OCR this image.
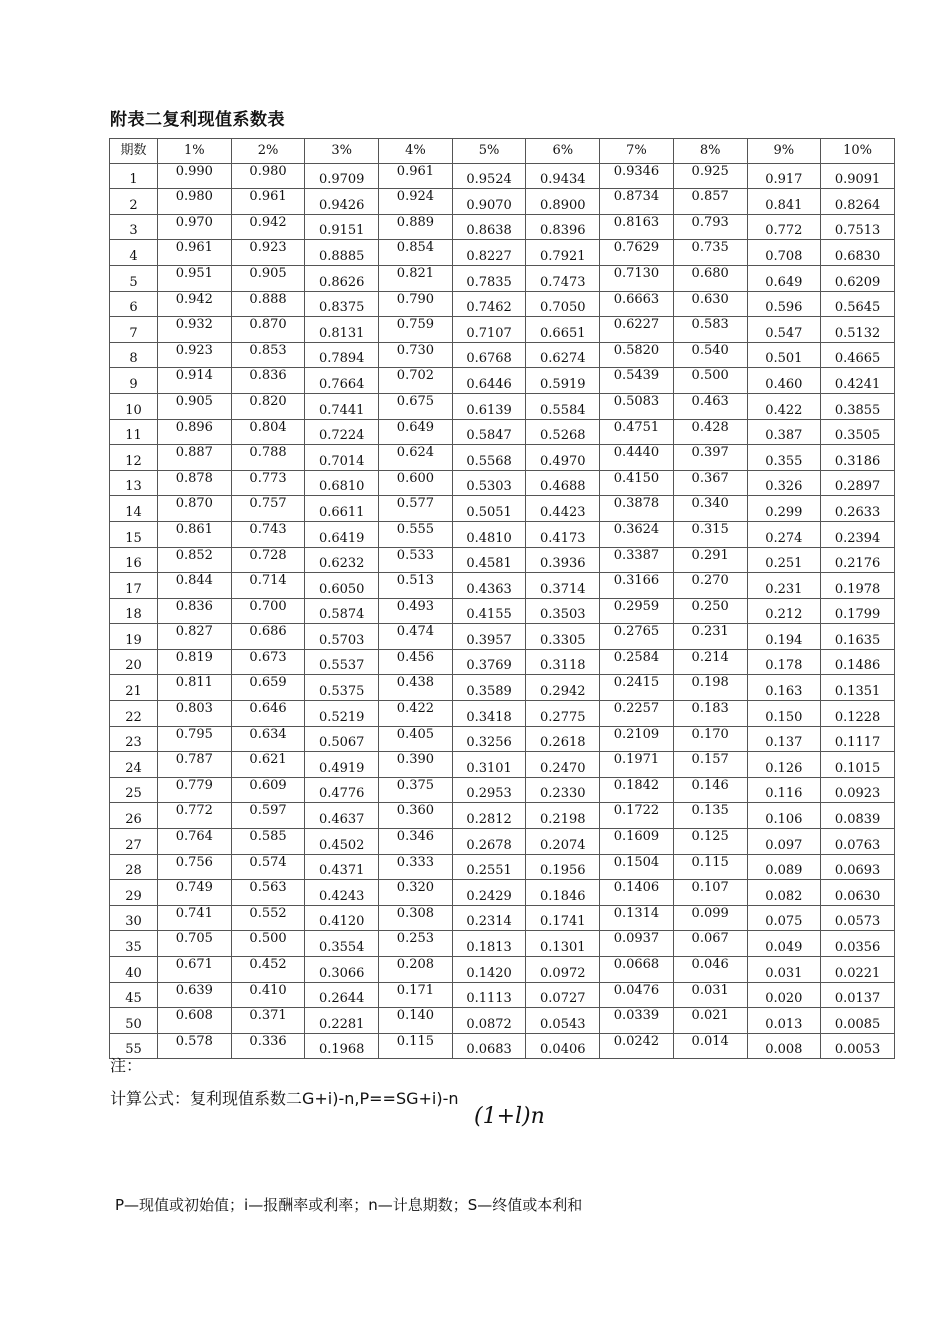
附表二复利现值系数表
期数	1%	2%	3%	4%	5%	6%	7%	8%	9%	10%
1	0.990	0.980	0.9709	0.961	0.9524	0.9434	0.9346	0.925	0.917	0.9091
2	0.980	0.961	0.9426	0.924	0.9070	0.8900	0.8734	0.857	0.841	0.8264
3	0.970	0.942	0.9151	0.889	0.8638	0.8396	0.8163	0.793	0.772	0.7513
4	0.961	0.923	0.8885	0.854	0.8227	0.7921	0.7629	0.735	0.708	0.6830
5	0.951	0.905	0.8626	0.821	0.7835	0.7473	0.7130	0.680	0.649	0.6209
6	0.942	0.888	0.8375	0.790	0.7462	0.7050	0.6663	0.630	0.596	0.5645
7	0.932	0.870	0.8131	0.759	0.7107	0.6651	0.6227	0.583	0.547	0.5132
8	0.923	0.853	0.7894	0.730	0.6768	0.6274	0.5820	0.540	0.501	0.4665
9	0.914	0.836	0.7664	0.702	0.6446	0.5919	0.5439	0.500	0.460	0.4241
10	0.905	0.820	0.7441	0.675	0.6139	0.5584	0.5083	0.463	0.422	0.3855
11	0.896	0.804	0.7224	0.649	0.5847	0.5268	0.4751	0.428	0.387	0.3505
12	0.887	0.788	0.7014	0.624	0.5568	0.4970	0.4440	0.397	0.355	0.3186
13	0.878	0.773	0.6810	0.600	0.5303	0.4688	0.4150	0.367	0.326	0.2897
14	0.870	0.757	0.6611	0.577	0.5051	0.4423	0.3878	0.340	0.299	0.2633
15	0.861	0.743	0.6419	0.555	0.4810	0.4173	0.3624	0.315	0.274	0.2394
16	0.852	0.728	0.6232	0.533	0.4581	0.3936	0.3387	0.291	0.251	0.2176
17	0.844	0.714	0.6050	0.513	0.4363	0.3714	0.3166	0.270	0.231	0.1978
18	0.836	0.700	0.5874	0.493	0.4155	0.3503	0.2959	0.250	0.212	0.1799
19	0.827	0.686	0.5703	0.474	0.3957	0.3305	0.2765	0.231	0.194	0.1635
20	0.819	0.673	0.5537	0.456	0.3769	0.3118	0.2584	0.214	0.178	0.1486
21	0.811	0.659	0.5375	0.438	0.3589	0.2942	0.2415	0.198	0.163	0.1351
22	0.803	0.646	0.5219	0.422	0.3418	0.2775	0.2257	0.183	0.150	0.1228
23	0.795	0.634	0.5067	0.405	0.3256	0.2618	0.2109	0.170	0.137	0.1117
24	0.787	0.621	0.4919	0.390	0.3101	0.2470	0.1971	0.157	0.126	0.1015
25	0.779	0.609	0.4776	0.375	0.2953	0.2330	0.1842	0.146	0.116	0.0923
26	0.772	0.597	0.4637	0.360	0.2812	0.2198	0.1722	0.135	0.106	0.0839
27	0.764	0.585	0.4502	0.346	0.2678	0.2074	0.1609	0.125	0.097	0.0763
28	0.756	0.574	0.4371	0.333	0.2551	0.1956	0.1504	0.115	0.089	0.0693
29	0.749	0.563	0.4243	0.320	0.2429	0.1846	0.1406	0.107	0.082	0.0630
30	0.741	0.552	0.4120	0.308	0.2314	0.1741	0.1314	0.099	0.075	0.0573
35	0.705	0.500	0.3554	0.253	0.1813	0.1301	0.0937	0.067	0.049	0.0356
40	0.671	0.452	0.3066	0.208	0.1420	0.0972	0.0668	0.046	0.031	0.0221
45	0.639	0.410	0.2644	0.171	0.1113	0.0727	0.0476	0.031	0.020	0.0137
50	0.608	0.371	0.2281	0.140	0.0872	0.0543	0.0339	0.021	0.013	0.0085
55	0.578	0.336	0.1968	0.115	0.0683	0.0406	0.0242	0.014	0.008	0.0053
注：
计算公式：复利现值系数二G+i)-n,P==SG+i)-n
(1+l)n
P—现值或初始值；i—报酬率或利率；n—计息期数；S—终值或本利和
